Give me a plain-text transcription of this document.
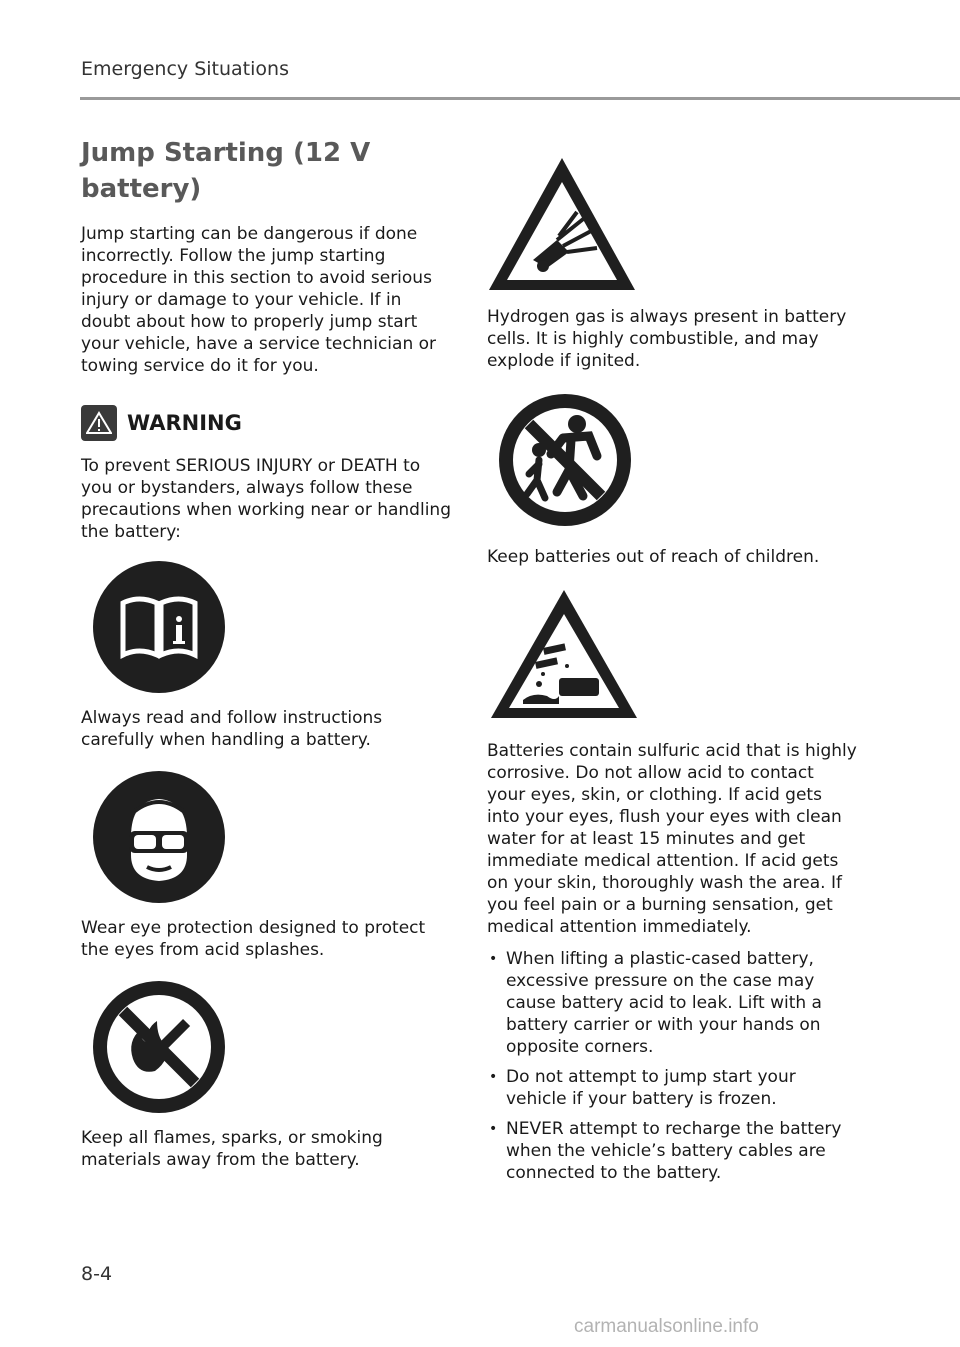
Emergency Situations
Jump Starting (12 V battery)

Jump starting can be dangerous if done incorrectly. Follow the jump starting procedure in this section to avoid serious injury or damage to your vehicle. If in doubt about how to properly jump start your vehicle, have a service technician or towing service do it for you.

WARNING

To prevent SERIOUS INJURY or DEATH to you or bystanders, always follow these precautions when working near or handling the battery:

Always read and follow instructions carefully when handling a battery.

Wear eye protection designed to protect the eyes from acid splashes.

Keep all flames, sparks, or smoking materials away from the battery.

Hydrogen gas is always present in battery cells. It is highly combustible, and may explode if ignited.

Keep batteries out of reach of children.

Batteries contain sulfuric acid that is highly corrosive. Do not allow acid to contact your eyes, skin, or clothing. If acid gets into your eyes, flush your eyes with clean water for at least 15 minutes and get immediate medical attention. If acid gets on your skin, thoroughly wash the area. If you feel pain or a burning sensation, get medical attention immediately.

• When lifting a plastic-cased battery, excessive pressure on the case may cause battery acid to leak. Lift with a battery carrier or with your hands on opposite corners.
• Do not attempt to jump start your vehicle if your battery is frozen.
• NEVER attempt to recharge the battery when the vehicle’s battery cables are connected to the battery.
8-4
carmanualsonline.info
